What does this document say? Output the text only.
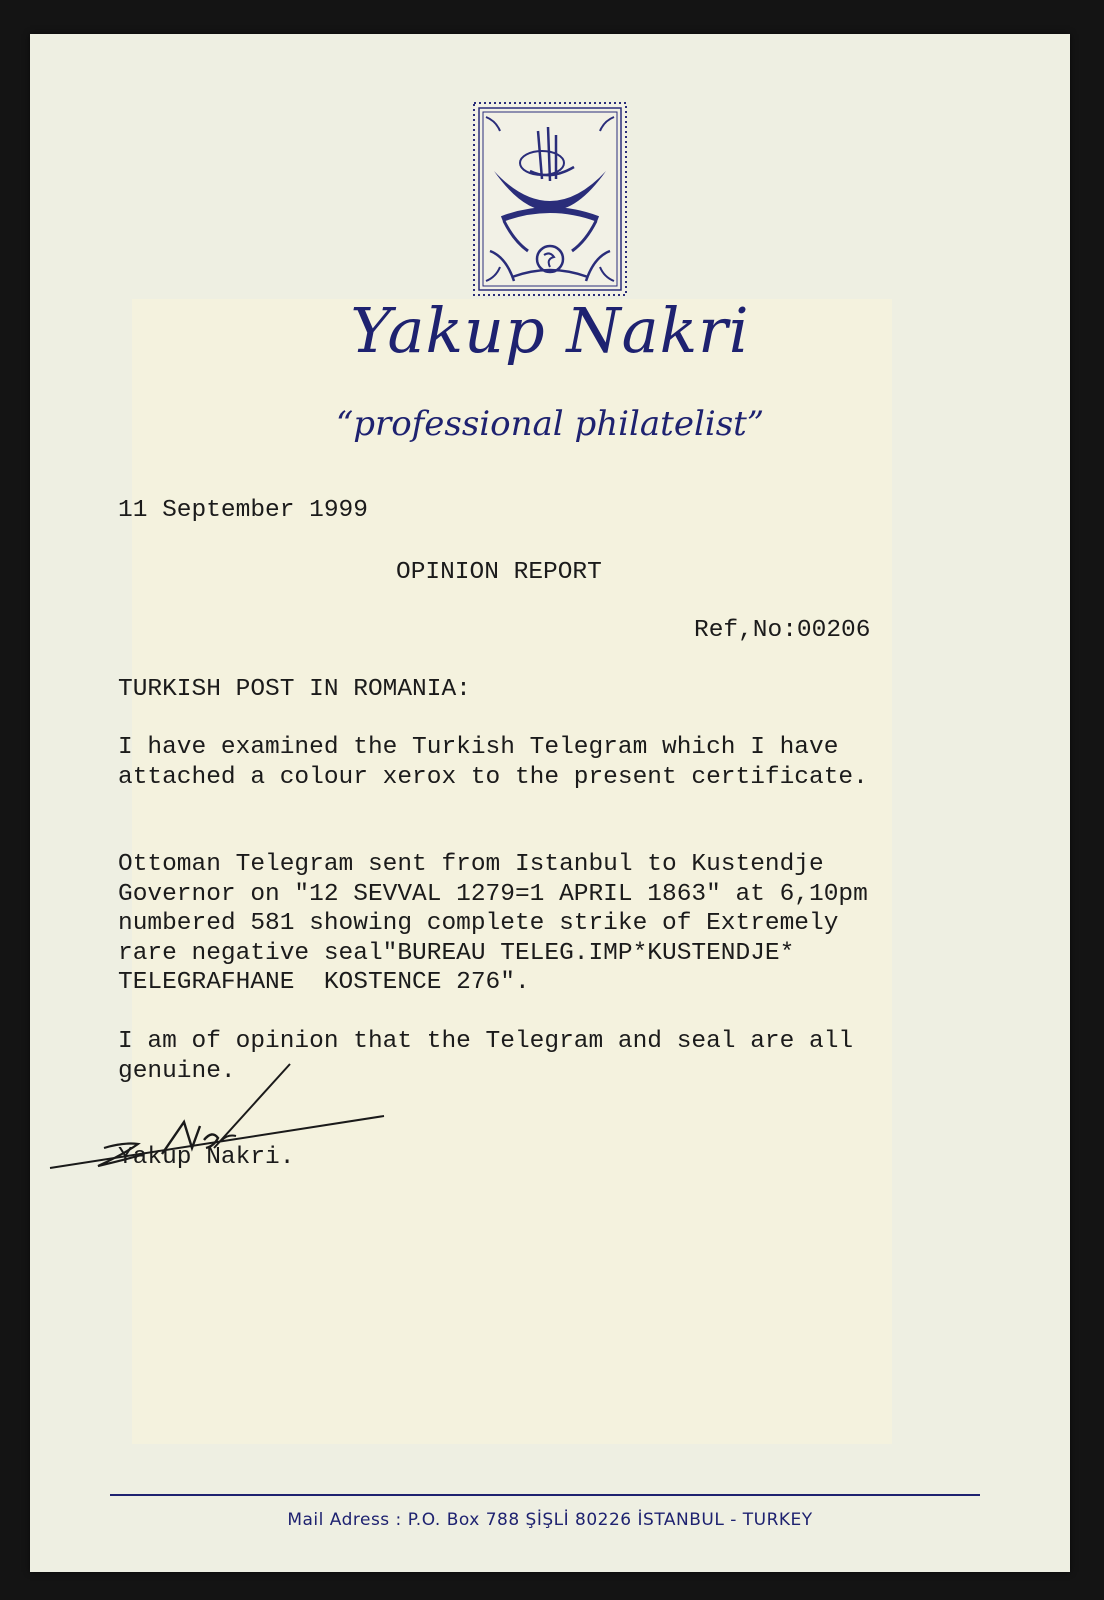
Yakup Nakri
“professional philatelist”
11 September 1999
OPINION REPORT
Ref,No:00206
TURKISH POST IN ROMANIA:
I have examined the Turkish Telegram which I have
attached a colour xerox to the present certificate.
Ottoman Telegram sent from Istanbul to Kustendje
Governor on "12 SEVVAL 1279=1 APRIL 1863" at 6,10pm
numbered 581 showing complete strike of Extremely
rare negative seal"BUREAU TELEG.IMP*KUSTENDJE*
TELEGRAFHANE  KOSTENCE 276".
I am of opinion that the Telegram and seal are all
genuine.
Yakup Nakri.
Mail Adress : P.O. Box 788 ŞİŞLİ 80226 İSTANBUL - TURKEY
